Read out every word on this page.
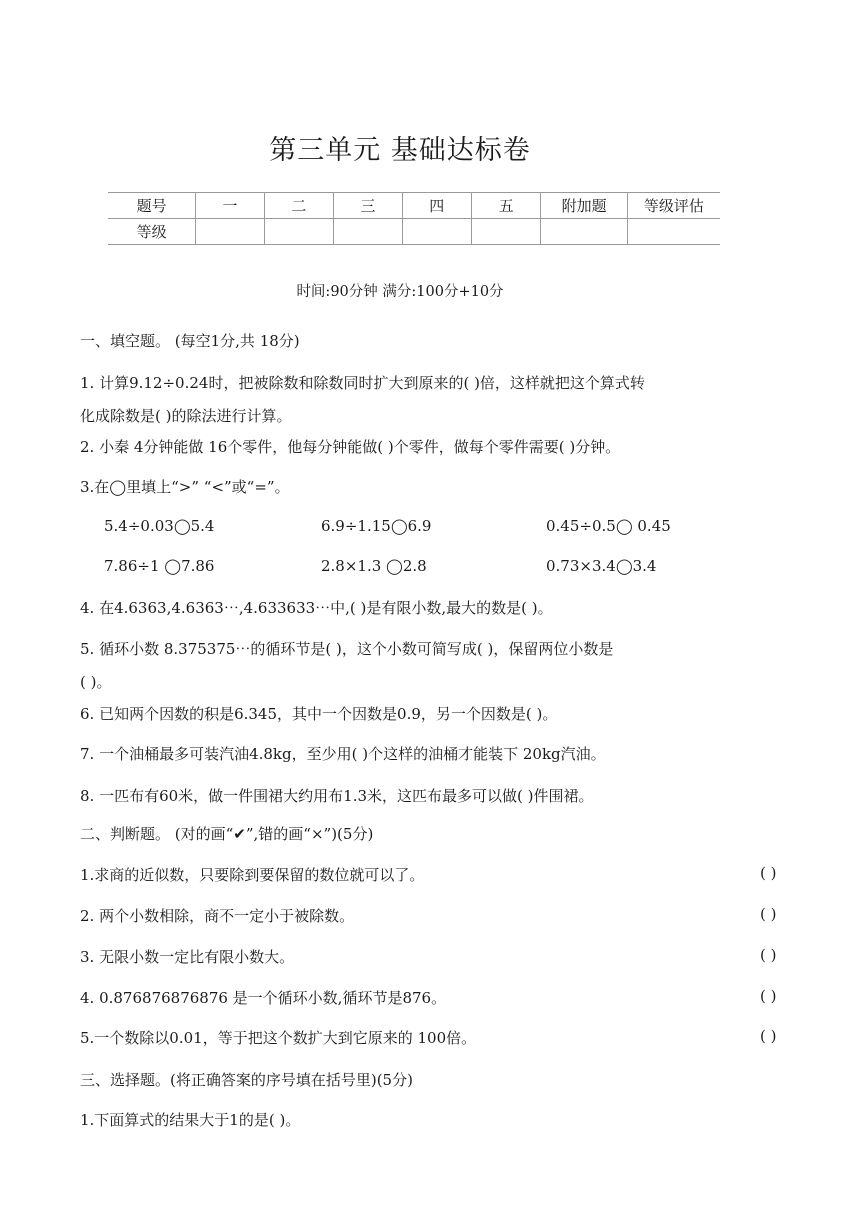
第三单元 基础达标卷
题号	一	二	三	四	五	附加题	等级评估
等级							
时间:90分钟 满分:100分+10分
一、填空题。 (每空1分,共 18分)
1. 计算9.12÷0.24时，把被除数和除数同时扩大到原来的( )倍，这样就把这个算式转
化成除数是( )的除法进行计算。
2. 小秦 4分钟能做 16个零件，他每分钟能做( )个零件，做每个零件需要( )分钟。
3.在◯里填上“>” “<”或“=”。
5.4÷0.03◯5.4	6.9÷1.15◯6.9	0.45÷0.5◯ 0.45
7.86÷1 ◯7.86	2.8×1.3 ◯2.8	0.73×3.4◯3.4
4. 在4.6363,4.6363⋯,4.633633⋯中,( )是有限小数,最大的数是( )。
5. 循环小数 8.375375⋯的循环节是( )，这个小数可简写成( )，保留两位小数是
( )。
6. 已知两个因数的积是6.345，其中一个因数是0.9，另一个因数是( )。
7. 一个油桶最多可装汽油4.8kg，至少用( )个这样的油桶才能装下 20kg汽油。
8. 一匹布有60米，做一件围裙大约用布1.3米，这匹布最多可以做( )件围裙。
二、判断题。 (对的画“✔”,错的画“×”)(5分)
1.求商的近似数，只要除到要保留的数位就可以了。	( )
2. 两个小数相除，商不一定小于被除数。	( )
3. 无限小数一定比有限小数大。	( )
4. 0.876876876876 是一个循环小数,循环节是876。	( )
5.一个数除以0.01，等于把这个数扩大到它原来的 100倍。	( )
三、选择题。(将正确答案的序号填在括号里)(5分)
1.下面算式的结果大于1的是( )。
